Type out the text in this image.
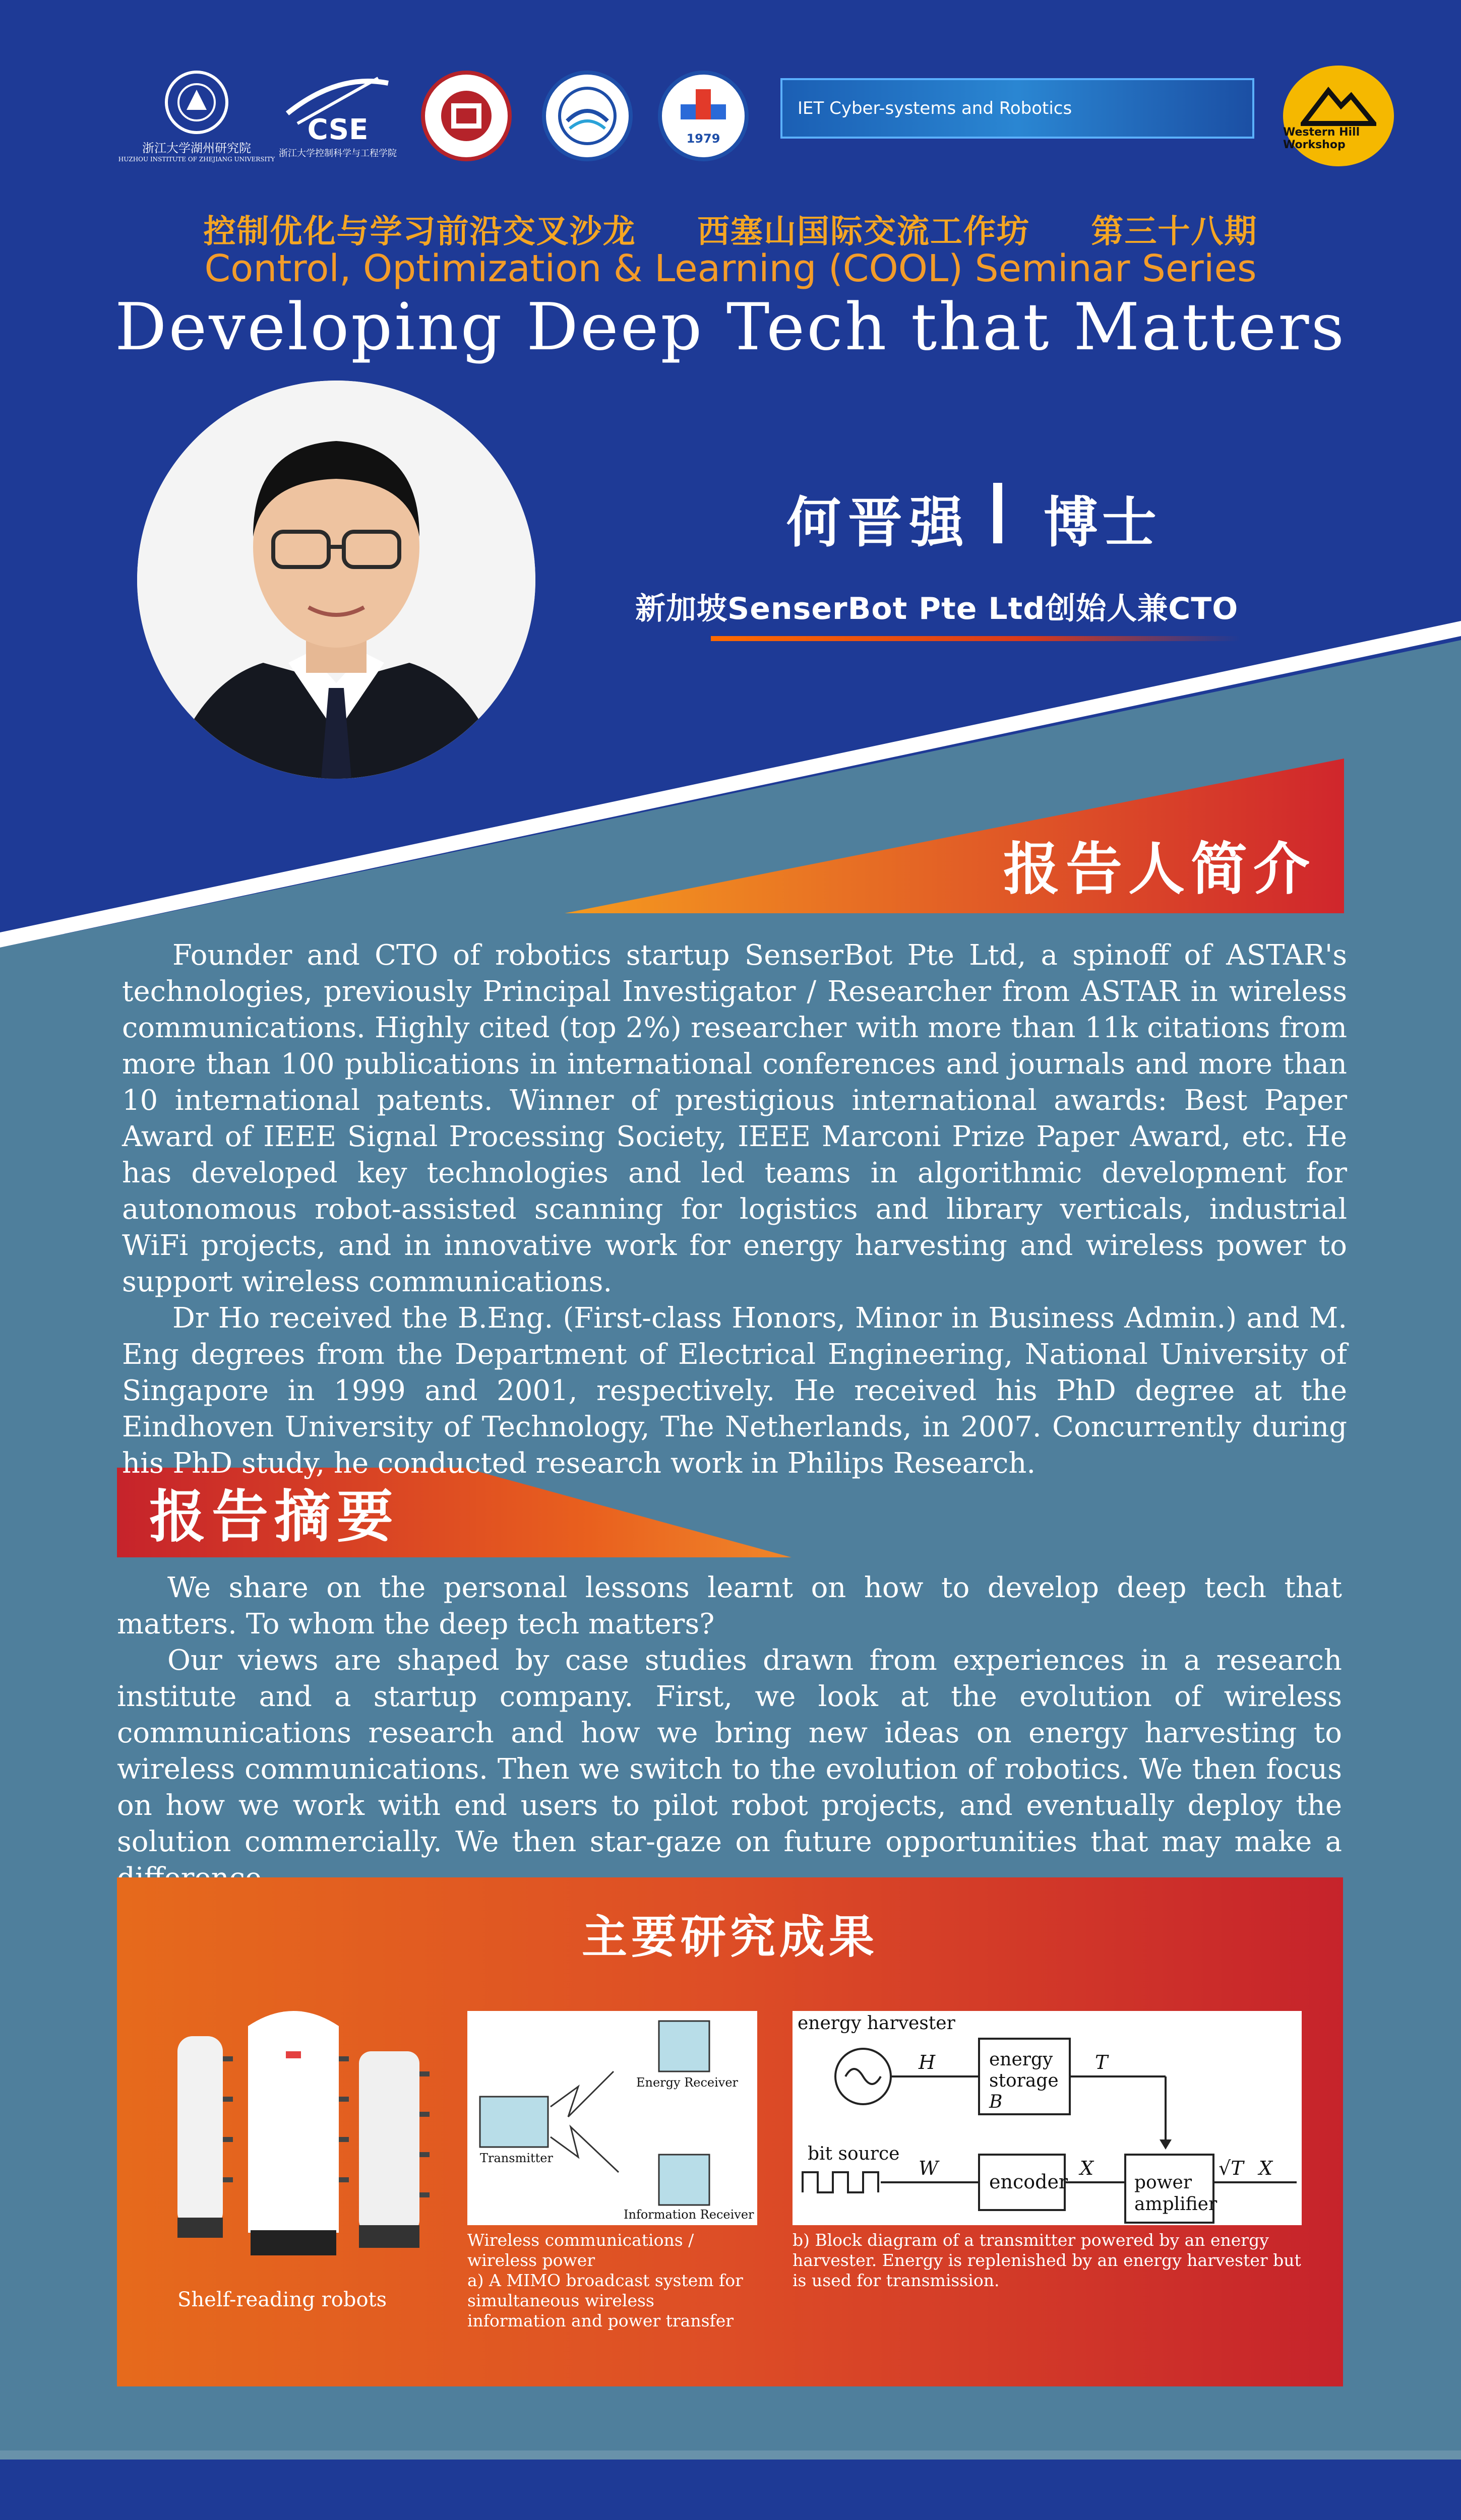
浙江大学湖州研究院
HUZHOU INSTITUTE OF ZHEJIANG UNIVERSITY
CSE
浙江大学控制科学与工程学院
1979
IET Cyber-systems and Robotics
Western Hill Workshop
控制优化与学习前沿交叉沙龙     西塞山国际交流工作坊     第三十八期
Control, Optimization & Learning (COOL) Seminar Series
Developing Deep Tech that Matters
何晋强 博士
新加坡SenserBot Pte Ltd创始人兼CTO
报告人简介

Founder and CTO of robotics startup SenserBot Pte Ltd, a spinoff of ASTAR's technologies, previously Principal Investigator / Researcher from ASTAR in wireless communications. Highly cited (top 2%) researcher with more than 11k citations from more than 100 publications in international conferences and journals and more than 10 international patents. Winner of prestigious international awards: Best Paper Award of IEEE Signal Processing Society, IEEE Marconi Prize Paper Award, etc. He has developed key technologies and led teams in algorithmic development for autonomous robot-assisted scanning for logistics and library verticals, industrial WiFi projects, and in innovative work for energy harvesting and wireless power to support wireless communications.

Dr Ho received the B.Eng. (First-class Honors, Minor in Business Admin.) and M. Eng degrees from the Department of Electrical Engineering, National University of Singapore in 1999 and 2001, respectively. He received his PhD degree at the Eindhoven University of Technology, The Netherlands, in 2007. Concurrently during his PhD study, he conducted research work in Philips Research.

报告摘要

We share on the personal lessons learnt on how to develop deep tech that matters. To whom the deep tech matters?

Our views are shaped by case studies drawn from experiences in a research institute and a startup company. First, we look at the evolution of wireless communications research and how we bring new ideas on energy harvesting to wireless communications. Then we switch to the evolution of robotics. We then focus on how we work with end users to pilot robot projects, and eventually deploy the solution commercially. We then star-gaze on future opportunities that may make a

主要研究成果
Shelf-reading robots
Transmitter
Energy Receiver
Information Receiver
Wireless communications / wireless power
a) A MIMO broadcast system for simultaneous wireless information and power transfer
energy harvester
H	energy
storage
B
T
bit source
W
encoder
X
power
amplifier
√T X
b) Block diagram of a transmitter powered by an energy harvester. Energy is replenished by an energy harvester but is used for transmission.
